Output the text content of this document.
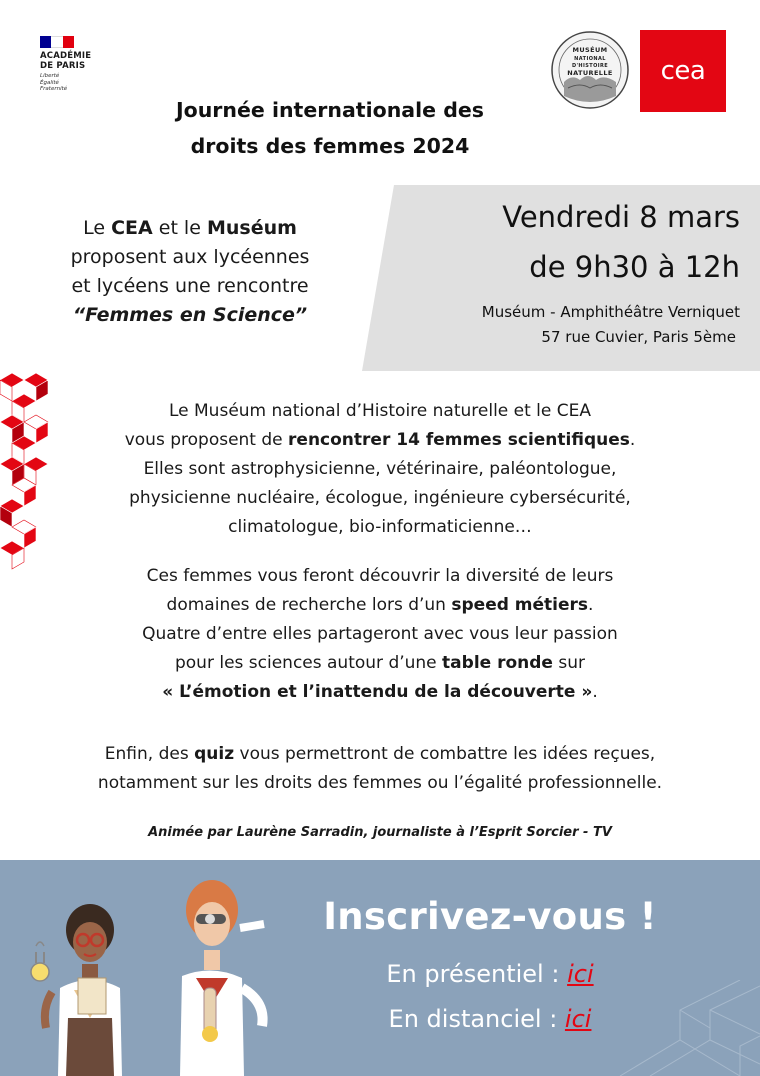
ACADÉMIE
DE PARIS
Liberté
Égalité
Fraternité
MUSÉUM
NATIONAL
D'HISTOIRE
NATURELLE cea
Journée internationale des
droits des femmes 2024
Le CEA et le Muséum
proposent aux lycéennes
et lycéens une rencontre
“Femmes en Science”
Vendredi 8 mars
de 9h30 à 12h
Muséum - Amphithéâtre Verniquet
57 rue Cuvier, Paris 5ème
Le Muséum national d’Histoire naturelle et le CEA
vous proposent de rencontrer 14 femmes scientifiques.
Elles sont astrophysicienne, vétérinaire, paléontologue,
physicienne nucléaire, écologue, ingénieure cybersécurité,
climatologue, bio-informaticienne…
Ces femmes vous feront découvrir la diversité de leurs
domaines de recherche lors d’un speed métiers.
Quatre d’entre elles partageront avec vous leur passion
pour les sciences autour d’une table ronde sur
« L’émotion et l’inattendu de la découverte ».
Enfin, des quiz vous permettront de combattre les idées reçues,
notamment sur les droits des femmes ou l’égalité professionnelle.
Animée par Laurène Sarradin, journaliste à l’Esprit Sorcier - TV
Inscrivez-vous !
En présentiel : ici
En distanciel : ici
